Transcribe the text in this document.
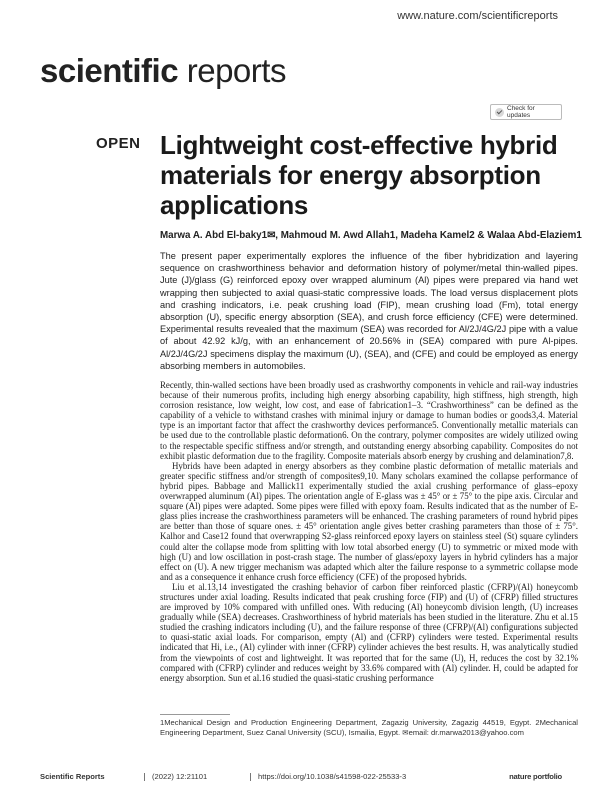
www.nature.com/scientificreports
scientific reports
OPEN
Check for updates
Lightweight cost-effective hybrid materials for energy absorption applications
Marwa A. Abd El-baky1✉, Mahmoud M. Awd Allah1, Madeha Kamel2 & Walaa Abd-Elaziem1
The present paper experimentally explores the influence of the fiber hybridization and layering sequence on crashworthiness behavior and deformation history of polymer/metal thin-walled pipes. Jute (J)/glass (G) reinforced epoxy over wrapped aluminum (Al) pipes were prepared via hand wet wrapping then subjected to axial quasi-static compressive loads. The load versus displacement plots and crashing indicators, i.e. peak crushing load (FIP), mean crushing load (Fm), total energy absorption (U), specific energy absorption (SEA), and crush force efficiency (CFE) were determined. Experimental results revealed that the maximum (SEA) was recorded for Al/2J/4G/2J pipe with a value of about 42.92 kJ/g, with an enhancement of 20.56% in (SEA) compared with pure Al-pipes. Al/2J/4G/2J specimens display the maximum (U), (SEA), and (CFE) and could be employed as energy absorbing members in automobiles.

Recently, thin-walled sections have been broadly used as crashworthy components in vehicle and rail-way industries because of their numerous profits, including high energy absorbing capability, high stiffness, high strength, high corrosion resistance, low weight, low cost, and ease of fabrication1–3. “Crashworthiness” can be defined as the capability of a vehicle to withstand crashes with minimal injury or damage to human bodies or goods3,4. Material type is an important factor that affect the crashworthy devices performance5. Conventionally metallic materials can be used due to the controllable plastic deformation6. On the contrary, polymer composites are widely utilized owing to the respectable specific stiffness and/or strength, and outstanding energy absorbing capability. Composites do not exhibit plastic deformation due to the fragility. Composite materials absorb energy by crushing and delamination7,8.

Hybrids have been adapted in energy absorbers as they combine plastic deformation of metallic materials and greater specific stiffness and/or strength of composites9,10. Many scholars examined the collapse performance of hybrid pipes. Babbage and Mallick11 experimentally studied the axial crushing performance of glass–epoxy overwrapped aluminum (Al) pipes. The orientation angle of E-glass was ± 45° or ± 75° to the pipe axis. Circular and square (Al) pipes were adapted. Some pipes were filled with epoxy foam. Results indicated that as the number of E-glass plies increase the crashworthiness parameters will be enhanced. The crashing parameters of round hybrid pipes are better than those of square ones. ± 45° orientation angle gives better crashing parameters than those of ± 75°. Kalhor and Case12 found that overwrapping S2-glass reinforced epoxy layers on stainless steel (St) square cylinders could alter the collapse mode from splitting with low total absorbed energy (U) to symmetric or mixed mode with high (U) and low oscillation in post-crash stage. The number of glass/epoxy layers in hybrid cylinders has a major effect on (U). A new trigger mechanism was adapted which alter the failure response to a symmetric collapse mode and as a consequence it enhance crush force efficiency (CFE) of the proposed hybrids.

Liu et al.13,14 investigated the crashing behavior of carbon fiber reinforced plastic (CFRP)/(Al) honeycomb structures under axial loading. Results indicated that peak crushing force (FIP) and (U) of (CFRP) filled structures are improved by 10% compared with unfilled ones. With reducing (Al) honeycomb division length, (U) increases gradually while (SEA) decreases. Crashworthiness of hybrid materials has been studied in the literature. Zhu et al.15 studied the crashing indicators including (U), and the failure response of three (CFRP)/(Al) configurations subjected to quasi-static axial loads. For comparison, empty (Al) and (CFRP) cylinders were tested. Experimental results indicated that Hi, i.e., (Al) cylinder with inner (CFRP) cylinder achieves the best results. H, was analytically studied from the viewpoints of cost and lightweight. It was reported that for the same (U), H, reduces the cost by 32.1% compared with (CFRP) cylinder and reduces weight by 33.6% compared with (Al) cylinder. H, could be adapted for energy absorption. Sun et al.16 studied the quasi-static crushing performance

1Mechanical Design and Production Engineering Department, Zagazig University, Zagazig 44519, Egypt. 2Mechanical Engineering Department, Suez Canal University (SCU), Ismailia, Egypt. ✉email: dr.marwa2013@yahoo.com
Scientific Reports	(2022) 12:21101	https://doi.org/10.1038/s41598-022-25533-3	nature portfolio
